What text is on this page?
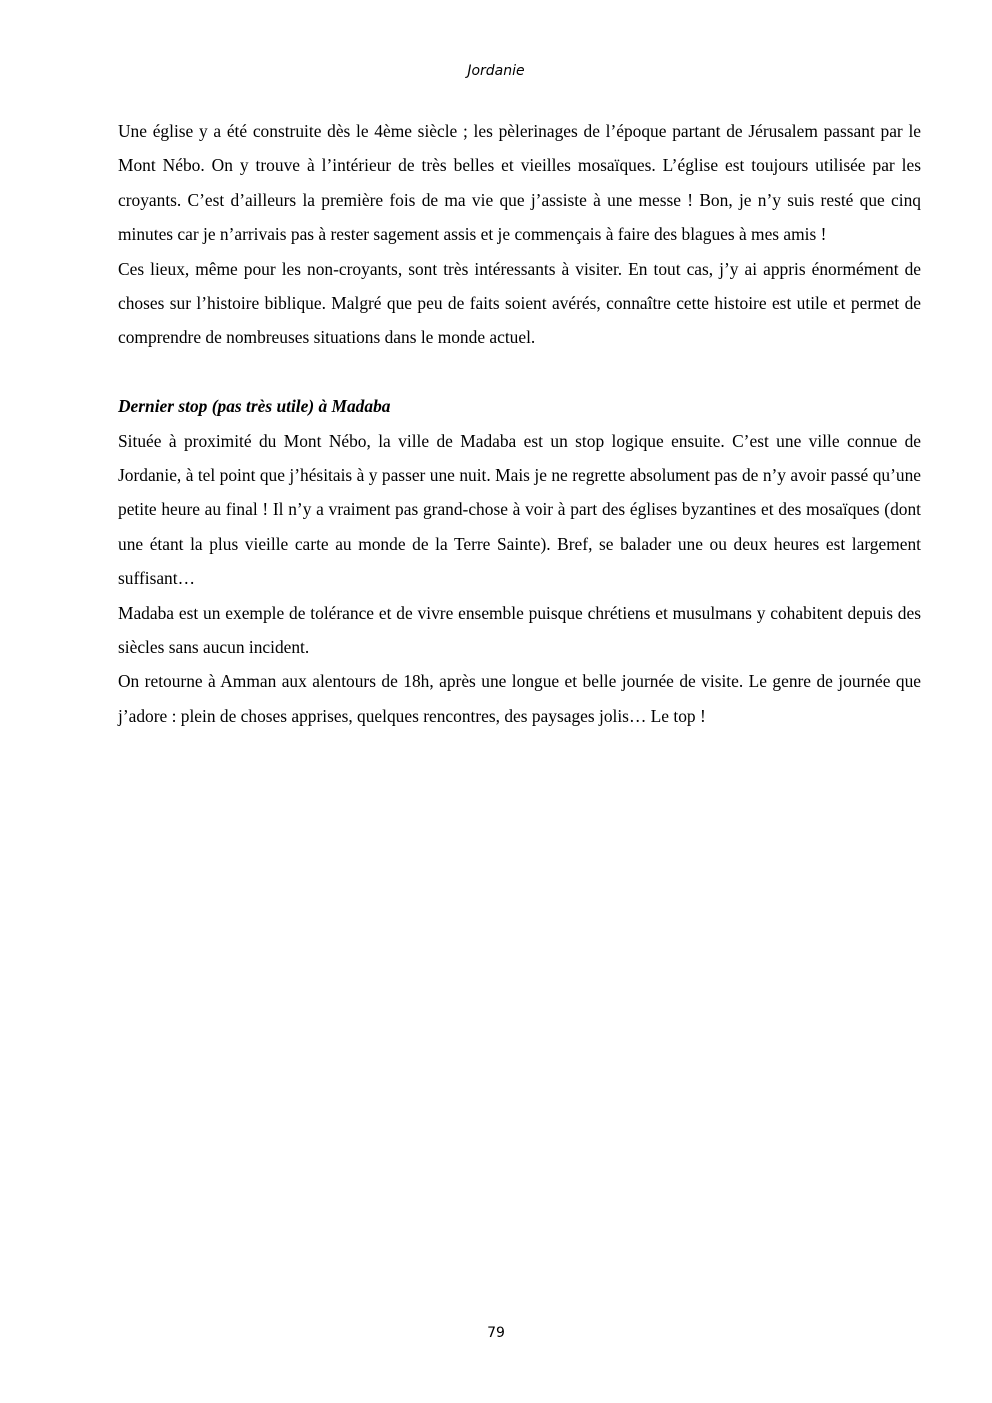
Jordanie

Une église y a été construite dès le 4ème siècle ; les pèlerinages de l’époque partant de Jérusalem passant par le Mont Nébo. On y trouve à l’intérieur de très belles et vieilles mosaïques. L’église est toujours utilisée par les croyants. C’est d’ailleurs la première fois de ma vie que j’assiste à une messe ! Bon, je n’y suis resté que cinq minutes car je n’arrivais pas à rester sagement assis et je commençais à faire des blagues à mes amis !

Ces lieux, même pour les non-croyants, sont très intéressants à visiter. En tout cas, j’y ai appris énormément de choses sur l’histoire biblique. Malgré que peu de faits soient avérés, connaître cette histoire est utile et permet de comprendre de nombreuses situations dans le monde actuel.

Dernier stop (pas très utile) à Madaba

Située à proximité du Mont Nébo, la ville de Madaba est un stop logique ensuite. C’est une ville connue de Jordanie, à tel point que j’hésitais à y passer une nuit. Mais je ne regrette absolument pas de n’y avoir passé qu’une petite heure au final ! Il n’y a vraiment pas grand-chose à voir à part des églises byzantines et des mosaïques (dont une étant la plus vieille carte au monde de la Terre Sainte). Bref, se balader une ou deux heures est largement suffisant…

Madaba est un exemple de tolérance et de vivre ensemble puisque chrétiens et musulmans y cohabitent depuis des siècles sans aucun incident.

On retourne à Amman aux alentours de 18h, après une longue et belle journée de visite. Le genre de journée que j’adore : plein de choses apprises, quelques rencontres, des paysages jolis… Le top !

79
